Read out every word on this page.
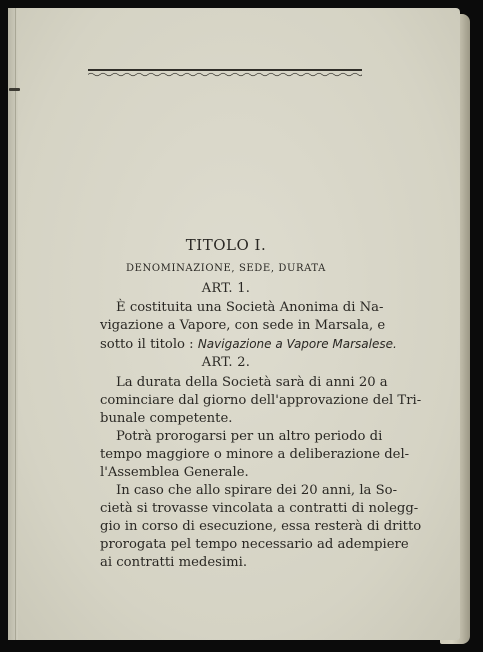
TITOLO I.
DENOMINAZIONE, SEDE, DURATA
ART. 1.
È costituita una Società Anonima di Na-
vigazione a Vapore, con sede in Marsala, e
sotto il titolo : Navigazione a Vapore Marsalese.
ART. 2.
La durata della Società sarà di anni 20 a
cominciare dal giorno dell'approvazione del Tri-
bunale competente.
Potrà prorogarsi per un altro periodo di
tempo maggiore o minore a deliberazione del-
l'Assemblea Generale.
In caso che allo spirare dei 20 anni, la So-
cietà si trovasse vincolata a contratti di nolegg-
gio in corso di esecuzione, essa resterà di dritto
prorogata pel tempo necessario ad adempiere
ai contratti medesimi.
